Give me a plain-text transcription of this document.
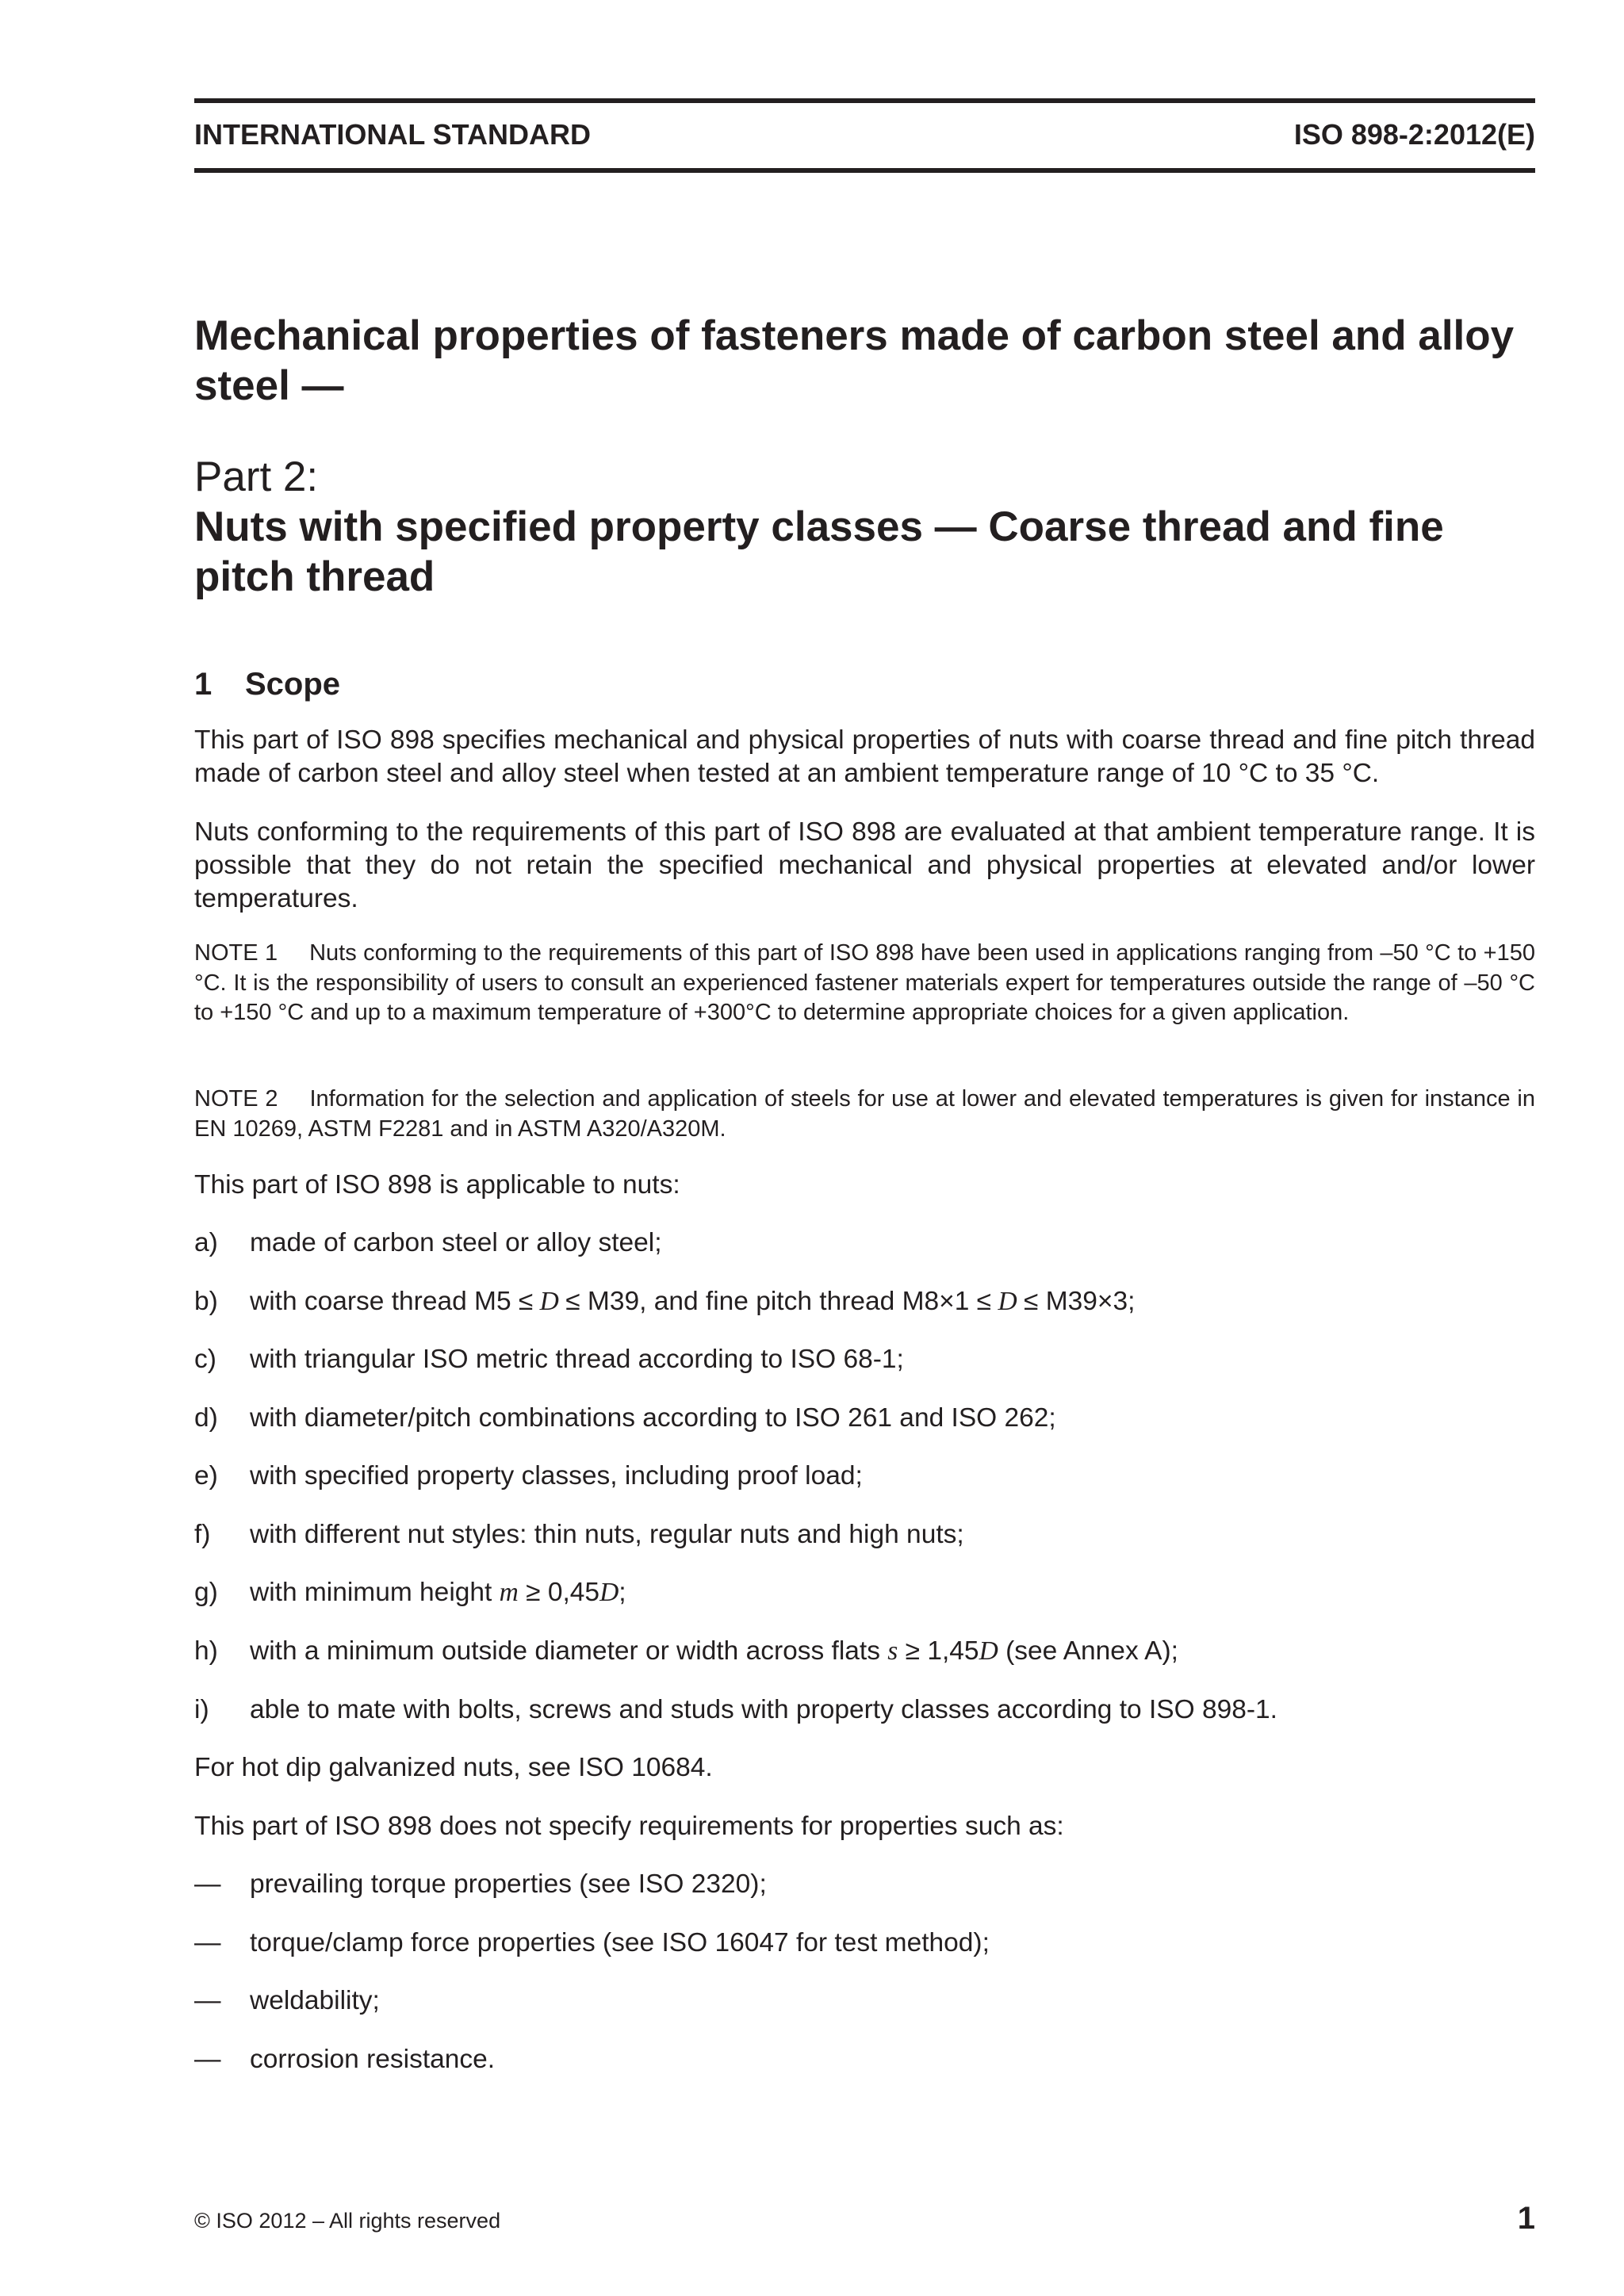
INTERNATIONAL STANDARD	ISO 898-2:2012(E)
Mechanical properties of fasteners made of carbon steel and alloy steel —
Part 2:
Nuts with specified property classes — Coarse thread and fine pitch thread
1 Scope
This part of ISO 898 specifies mechanical and physical properties of nuts with coarse thread and fine pitch thread made of carbon steel and alloy steel when tested at an ambient temperature range of 10 °C to 35 °C.
Nuts conforming to the requirements of this part of ISO 898 are evaluated at that ambient temperature range. It is possible that they do not retain the specified mechanical and physical properties at elevated and/or lower temperatures.
NOTE 1 Nuts conforming to the requirements of this part of ISO 898 have been used in applications ranging from –50 °C to +150 °C. It is the responsibility of users to consult an experienced fastener materials expert for temperatures outside the range of –50 °C to +150 °C and up to a maximum temperature of +300°C to determine appropriate choices for a given application.
NOTE 2 Information for the selection and application of steels for use at lower and elevated temperatures is given for instance in EN 10269, ASTM F2281 and in ASTM A320/A320M.
This part of ISO 898 is applicable to nuts:
a) made of carbon steel or alloy steel;
b) with coarse thread M5 ≤ D ≤ M39, and fine pitch thread M8×1 ≤ D ≤ M39×3;
c) with triangular ISO metric thread according to ISO 68-1;
d) with diameter/pitch combinations according to ISO 261 and ISO 262;
e) with specified property classes, including proof load;
f) with different nut styles: thin nuts, regular nuts and high nuts;
g) with minimum height m ≥ 0,45D;
h) with a minimum outside diameter or width across flats s ≥ 1,45D (see Annex A);
i) able to mate with bolts, screws and studs with property classes according to ISO 898-1.
For hot dip galvanized nuts, see ISO 10684.
This part of ISO 898 does not specify requirements for properties such as:
— prevailing torque properties (see ISO 2320);
— torque/clamp force properties (see ISO 16047 for test method);
— weldability;
— corrosion resistance.
© ISO 2012 – All rights reserved	1
